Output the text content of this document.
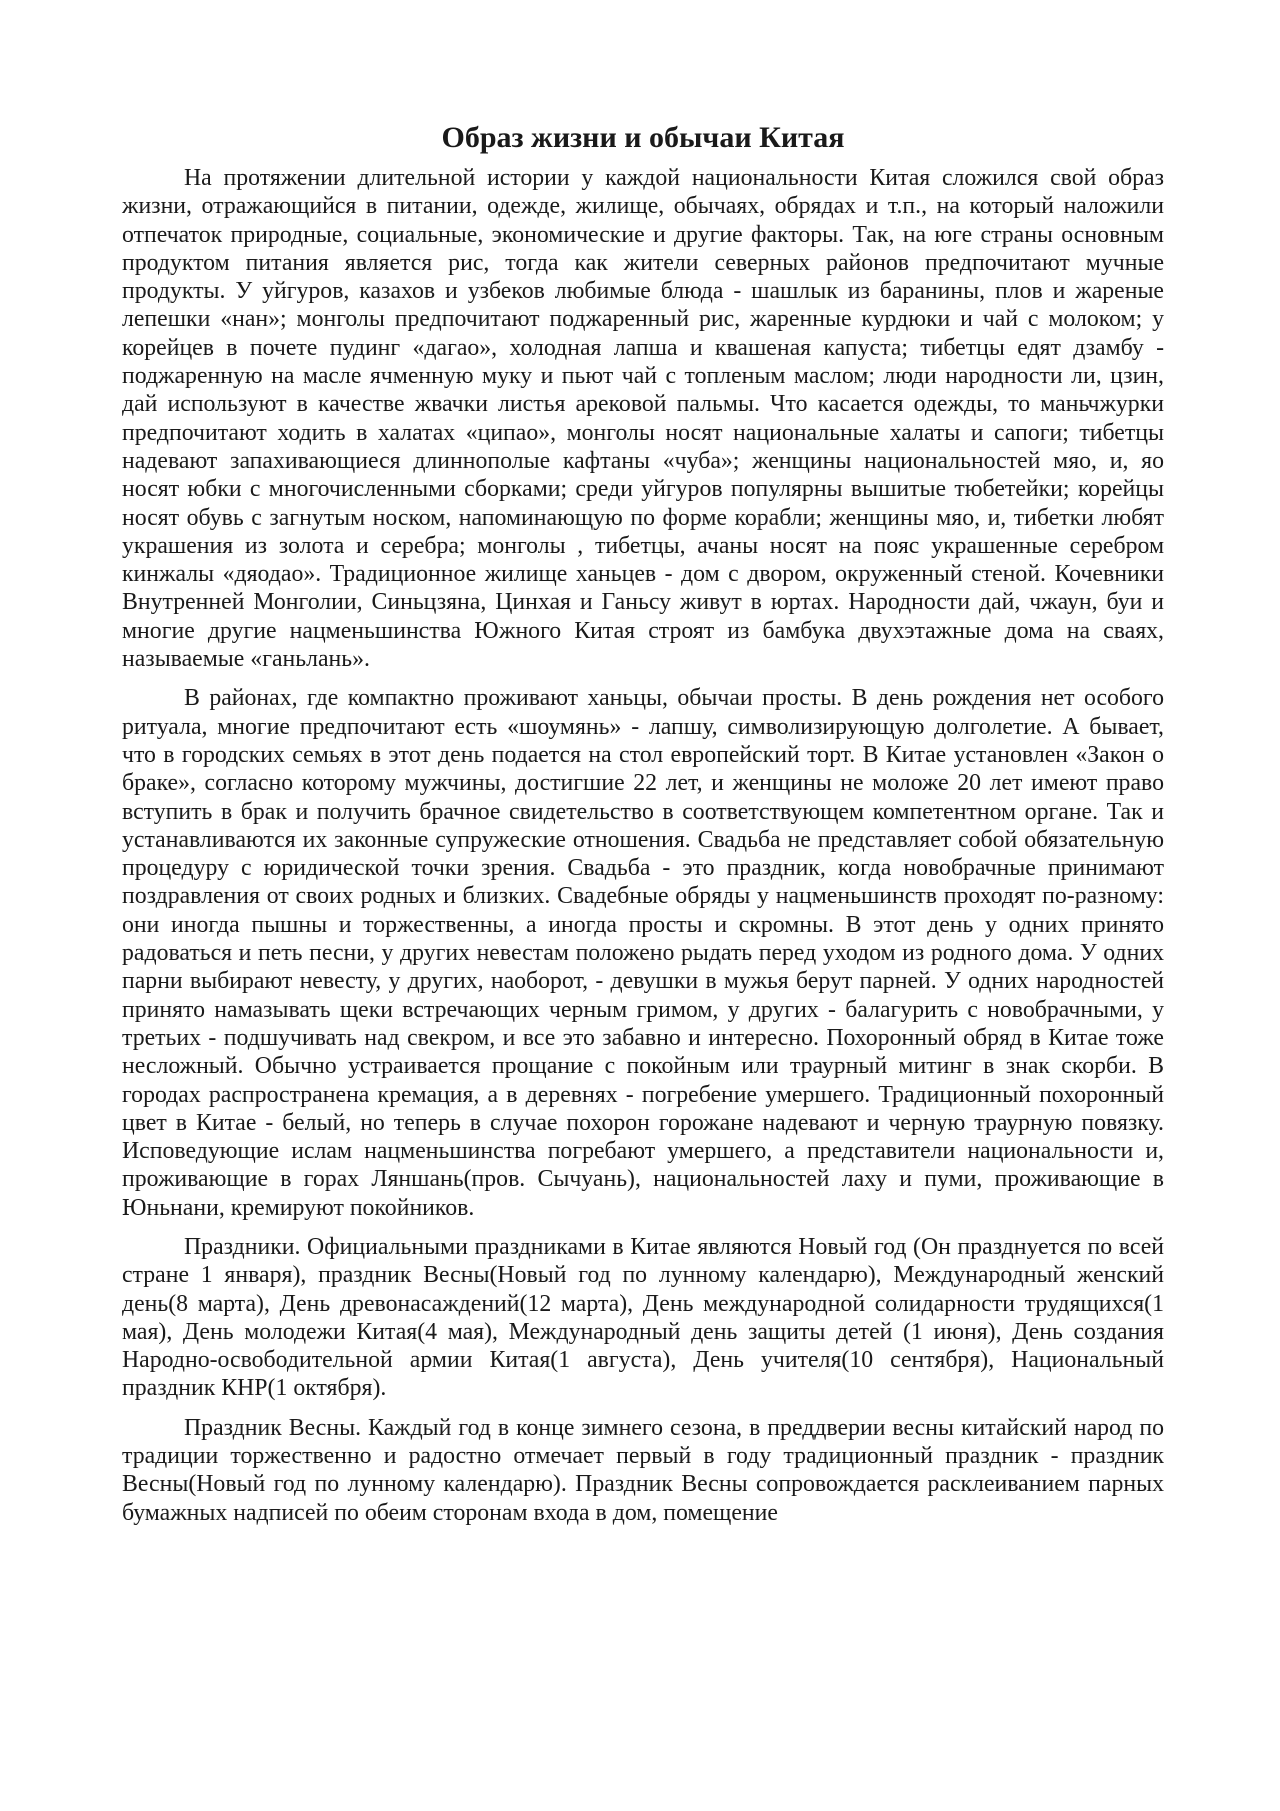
Образ жизни и обычаи Китая

На протяжении длительной истории у каждой национальности Китая сложился свой образ жизни, отражающийся в питании, одежде, жилище, обычаях, обрядах и т.п., на который наложили отпечаток природные, социальные, экономические и другие факторы. Так, на юге страны основным продуктом питания является рис, тогда как жители северных районов предпочитают мучные продукты. У уйгуров, казахов и узбеков любимые блюда - шашлык из баранины, плов и жареные лепешки «нан»; монголы предпочитают поджаренный рис, жаренные курдюки и чай с молоком; у корейцев в почете пудинг «дагао», холодная лапша и квашеная капуста; тибетцы едят дзамбу - поджаренную на масле ячменную муку и пьют чай с топленым маслом; люди народности ли, цзин, дай используют в качестве жвачки листья арековой пальмы. Что касается одежды, то маньчжурки предпочитают ходить в халатах «ципао», монголы носят национальные халаты и сапоги; тибетцы надевают запахивающиеся длиннополые кафтаны «чуба»; женщины национальностей мяо, и, яо носят юбки с многочисленными сборками; среди уйгуров популярны вышитые тюбетейки; корейцы носят обувь с загнутым носком, напоминающую по форме корабли; женщины мяо, и, тибетки любят украшения из золота и серебра; монголы , тибетцы, ачаны носят на пояс украшенные серебром кинжалы «дяодао». Традиционное жилище ханьцев - дом с двором, окруженный стеной. Кочевники Внутренней Монголии, Синьцзяна, Цинхая и Ганьсу живут в юртах. Народности дай, чжаун, буи и многие другие нацменьшинства Южного Китая строят из бамбука двухэтажные дома на сваях, называемые «ганьлань».

В районах, где компактно проживают ханьцы, обычаи просты. В день рождения нет особого ритуала, многие предпочитают есть «шоумянь» - лапшу, символизирующую долголетие. А бывает, что в городских семьях в этот день подается на стол европейский торт. В Китае установлен «Закон о браке», согласно которому мужчины, достигшие 22 лет, и женщины не моложе 20 лет имеют право вступить в брак и получить брачное свидетельство в соответствующем компетентном органе. Так и устанавливаются их законные супружеские отношения. Свадьба не представляет собой обязательную процедуру с юридической точки зрения. Свадьба - это праздник, когда новобрачные принимают поздравления от своих родных и близких. Свадебные обряды у нацменьшинств проходят по-разному: они иногда пышны и торжественны, а иногда просты и скромны. В этот день у одних принято радоваться и петь песни, у других невестам положено рыдать перед уходом из родного дома. У одних парни выбирают невесту, у других, наоборот, - девушки в мужья берут парней. У одних народностей принято намазывать щеки встречающих черным гримом, у других - балагурить с новобрачными, у третьих - подшучивать над свекром, и все это забавно и интересно. Похоронный обряд в Китае тоже несложный. Обычно устраивается прощание с покойным или траурный митинг в знак скорби. В городах распространена кремация, а в деревнях - погребение умершего. Традиционный похоронный цвет в Китае - белый, но теперь в случае похорон горожане надевают и черную траурную повязку. Исповедующие ислам нацменьшинства погребают умершего, а представители национальности и, проживающие в горах Ляншань(пров. Сычуань), национальностей лаху и пуми, проживающие в Юньнани, кремируют покойников.

Праздники. Официальными праздниками в Китае являются Новый год (Он празднуется по всей стране 1 января), праздник Весны(Новый год по лунному календарю), Международный женский день(8 марта), День древонасаждений(12 марта), День международной солидарности трудящихся(1 мая), День молодежи Китая(4 мая), Международный день защиты детей (1 июня), День создания Народно-освободительной армии Китая(1 августа), День учителя(10 сентября), Национальный праздник КНР(1 октября).

Праздник Весны. Каждый год в конце зимнего сезона, в преддверии весны китайский народ по традиции торжественно и радостно отмечает первый в году традиционный праздник - праздник Весны(Новый год по лунному календарю). Праздник Весны сопровождается расклеиванием парных бумажных надписей по обеим сторонам входа в дом, помещение
